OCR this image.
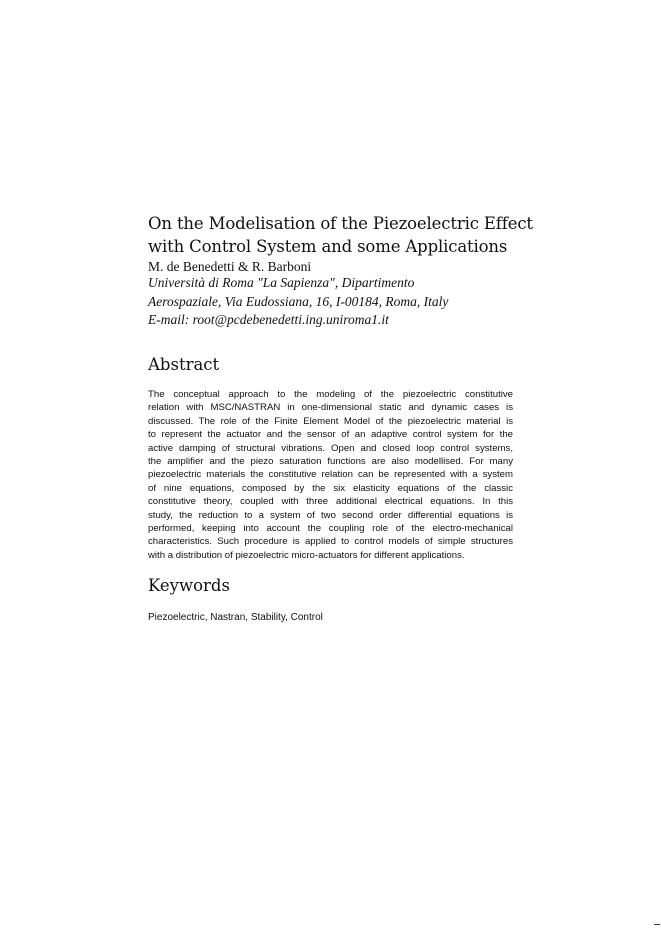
On the Modelisation of the Piezoelectric Effect
with Control System and some Applications
M. de Benedetti & R. Barboni
Università di Roma "La Sapienza", Dipartimento
Aerospaziale, Via Eudossiana, 16, I-00184, Roma, Italy
E-mail: root@pcdebenedetti.ing.uniroma1.it
Abstract
The conceptual approach to the modeling of the piezoelectric constitutive
relation with MSC/NASTRAN in one-dimensional static and dynamic cases is
discussed. The role of the Finite Element Model of the piezoelectric material is
to represent the actuator and the sensor of an adaptive control system for the
active damping of structural vibrations. Open and closed loop control systems,
the amplifier and the piezo saturation functions are also modellised. For many
piezoelectric materials the constitutive relation can be represented with a system
of nine equations, composed by the six elasticity equations of the classic
constitutive theory, coupled with three additional electrical equations. In this
study, the reduction to a system of two second order differential equations is
performed, keeping into account the coupling role of the electro-mechanical
characteristics. Such procedure is applied to control models of simple structures
with a distribution of piezoelectric micro-actuators for different applications.
Keywords
Piezoelectric, Nastran, Stability, Control
